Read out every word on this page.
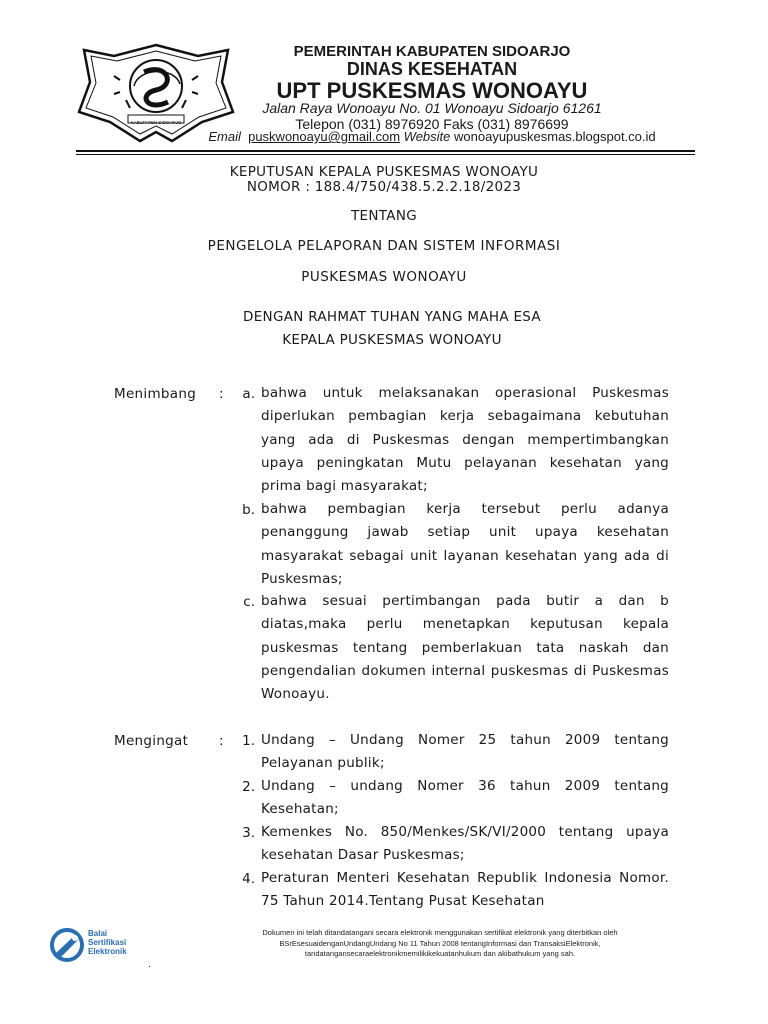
KABUPATEN SIDOARJO
PEMERINTAH KABUPATEN SIDOARJO
DINAS KESEHATAN
UPT PUSKESMAS WONOAYU
Jalan Raya Wonoayu No. 01 Wonoayu Sidoarjo 61261
Telepon (031) 8976920 Faks (031) 8976699
Email puskwonoayu@gmail.com Website wonoayupuskesmas.blogspot.co.id
KEPUTUSAN KEPALA PUSKESMAS WONOAYU
NOMOR : 188.4/750/438.5.2.2.18/2023
TENTANG
PENGELOLA PELAPORAN DAN SISTEM INFORMASI
PUSKESMAS WONOAYU
DENGAN RAHMAT TUHAN YANG MAHA ESA
KEPALA PUSKESMAS WONOAYU
Menimbang :	a. bahwa untuk melaksanakan operasional Puskesmas diperlukan pembagian kerja sebagaimana kebutuhan yang ada di Puskesmas dengan mempertimbangkan upaya peningkatan Mutu pelayanan kesehatan yang prima bagi masyarakat;
b. bahwa pembagian kerja tersebut perlu adanya penanggung jawab setiap unit upaya kesehatan masyarakat sebagai unit layanan kesehatan yang ada di Puskesmas;
c. bahwa sesuai pertimbangan pada butir a dan b diatas,maka perlu menetapkan keputusan kepala puskesmas tentang pemberlakuan tata naskah dan pengendalian dokumen internal puskesmas di Puskesmas Wonoayu.
Mengingat :	1. Undang – Undang Nomer 25 tahun 2009 tentang Pelayanan publik;
2. Undang – undang Nomer 36 tahun 2009 tentang Kesehatan;
3. Kemenkes No. 850/Menkes/SK/VI/2000 tentang upaya kesehatan Dasar Puskesmas;
4. Peraturan Menteri Kesehatan Republik Indonesia Nomor. 75 Tahun 2014.Tentang Pusat Kesehatan
Balai
Sertifikasi
Elektronik
Dokumen ini telah ditandatangani secara elektronik menggunakan sertifikat elektronik yang diterbitkan oleh
BSrEsesuaidenganUndangUndang No 11 Tahun 2008 tentangInformasi dan TransaksiElektronik,
tandatangansecaraelektronikmemilikikekuatanhukum dan akibathukum yang sah.
.
